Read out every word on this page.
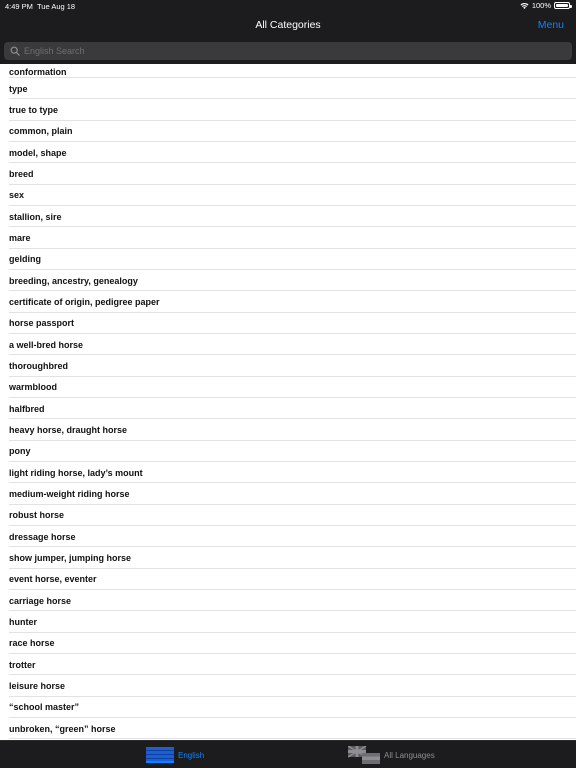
4:49 PM Tue Aug 18	100%
All Categories	Menu
English Search
conformation
type
true to type
common, plain
model, shape
breed
sex
stallion, sire
mare
gelding
breeding, ancestry, genealogy
certificate of origin, pedigree paper
horse passport
a well-bred horse
thoroughbred
warmblood
halfbred
heavy horse, draught horse
pony
light riding horse, lady’s mount
medium-weight riding horse
robust horse
dressage horse
show jumper, jumping horse
event horse, eventer
carriage horse
hunter
race horse
trotter
leisure horse
“school master”
unbroken, “green” horse
English	All Languages
